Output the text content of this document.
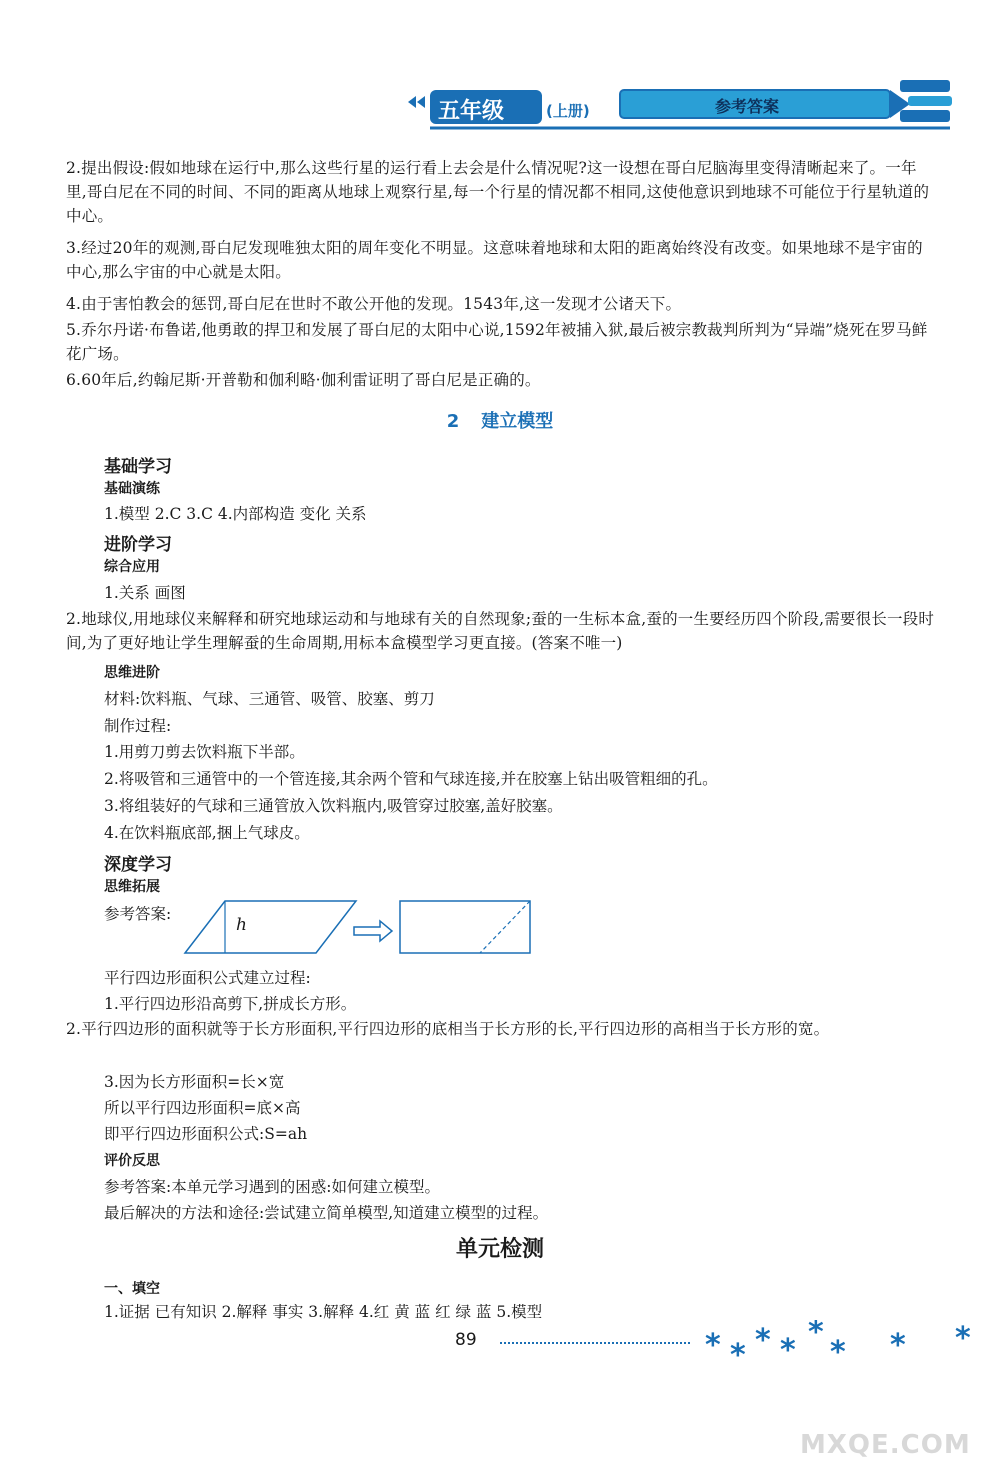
五年级	(上册)	参考答案
2.提出假设:假如地球在运行中,那么这些行星的运行看上去会是什么情况呢?这一设想在哥白尼脑海里变得清晰起来了。一年里,哥白尼在不同的时间、不同的距离从地球上观察行星,每一个行星的情况都不相同,这使他意识到地球不可能位于行星轨道的中心。
3.经过20年的观测,哥白尼发现唯独太阳的周年变化不明显。这意味着地球和太阳的距离始终没有改变。如果地球不是宇宙的中心,那么宇宙的中心就是太阳。
4.由于害怕教会的惩罚,哥白尼在世时不敢公开他的发现。1543年,这一发现才公诸天下。
5.乔尔丹诺·布鲁诺,他勇敢的捍卫和发展了哥白尼的太阳中心说,1592年被捕入狱,最后被宗教裁判所判为“异端”烧死在罗马鲜花广场。
6.60年后,约翰尼斯·开普勒和伽利略·伽利雷证明了哥白尼是正确的。
2 建立模型
基础学习
基础演练
1.模型 2.C 3.C 4.内部构造 变化 关系
进阶学习
综合应用
1.关系 画图
2.地球仪,用地球仪来解释和研究地球运动和与地球有关的自然现象;蚕的一生标本盒,蚕的一生要经历四个阶段,需要很长一段时间,为了更好地让学生理解蚕的生命周期,用标本盒模型学习更直接。(答案不唯一)
思维进阶
材料:饮料瓶、气球、三通管、吸管、胶塞、剪刀
制作过程:
1.用剪刀剪去饮料瓶下半部。
2.将吸管和三通管中的一个管连接,其余两个管和气球连接,并在胶塞上钻出吸管粗细的孔。
3.将组装好的气球和三通管放入饮料瓶内,吸管穿过胶塞,盖好胶塞。
4.在饮料瓶底部,捆上气球皮。
深度学习
思维拓展
参考答案:
h
平行四边形面积公式建立过程:
1.平行四边形沿高剪下,拼成长方形。
2.平行四边形的面积就等于长方形面积,平行四边形的底相当于长方形的长,平行四边形的高相当于长方形的宽。
3.因为长方形面积=长×宽
所以平行四边形面积=底×高
即平行四边形面积公式:S=ah
评价反思
参考答案:本单元学习遇到的困惑:如何建立模型。
最后解决的方法和途径:尝试建立简单模型,知道建立模型的过程。
单元检测
一、填空
1.证据 已有知识 2.解释 事实 3.解释 4.红 黄 蓝 红 绿 蓝 5.模型
89	* * * *
*
* * *
MXQE.COM
